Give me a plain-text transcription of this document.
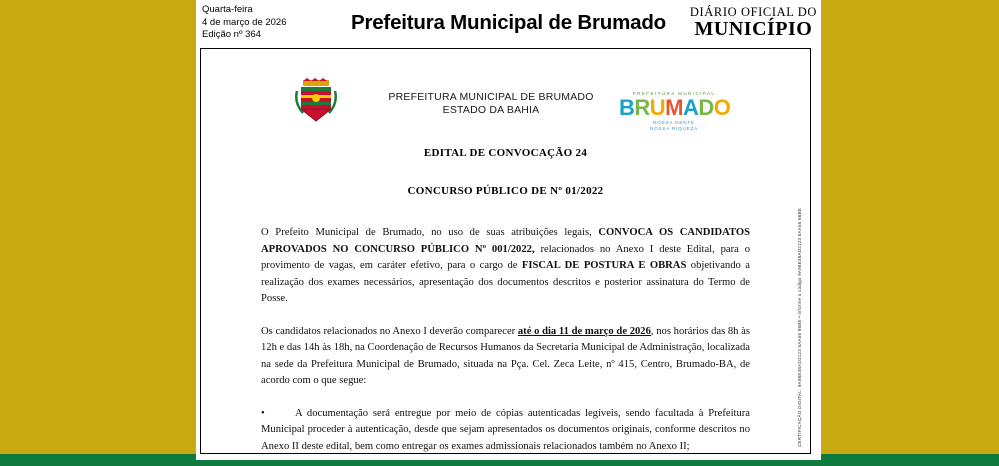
Quarta-feira
4 de março de 2026
Edição nº 364
Prefeitura Municipal de Brumado	DIÁRIO OFICIAL DO
MUNICÍPIO
PREFEITURA MUNICIPAL DE BRUMADO
ESTADO DA BAHIA
PREFEITURA MUNICIPAL
BRUMADO
NOSSA GENTE
NOSSA RIQUEZA
EDITAL DE CONVOCAÇÃO 24
CONCURSO PÚBLICO DE Nº 01/2022

O Prefeito Municipal de Brumado, no uso de suas atribuições legais, CONVOCA OS CANDIDATOS APROVADOS NO CONCURSO PÚBLICO Nº 001/2022, relacionados no Anexo I deste Edital, para o provimento de vagas, em caráter efetivo, para o cargo de FISCAL DE POSTURA E OBRAS objetivando a realização dos exames necessários, apresentação dos documentos descritos e posterior assinatura do Termo de Posse.

Os candidatos relacionados no Anexo I deverão comparecer até o dia 11 de março de 2026, nos horários das 8h às 12h e das 14h às 18h, na Coordenação de Recursos Humanos da Secretaria Municipal de Administração, localizada na sede da Prefeitura Municipal de Brumado, situada na Pça. Cel. Zeca Leite, nº 415, Centro, Brumado-BA, de acordo com o que segue:

•	A documentação será entregue por meio de cópias autenticadas legíveis, sendo facultada à Prefeitura Municipal proceder à autenticação, desde que sejam apresentados os documentos originais, conforme descritos no Anexo II deste edital, bem como entregar os exames admissionais relacionados também no Anexo II;	CERTIFICAÇÃO DIGITAL: 9A98E48AD2123 5AA55 66BE • informe o código 9A98E48AD2123 5AA55 66BE
